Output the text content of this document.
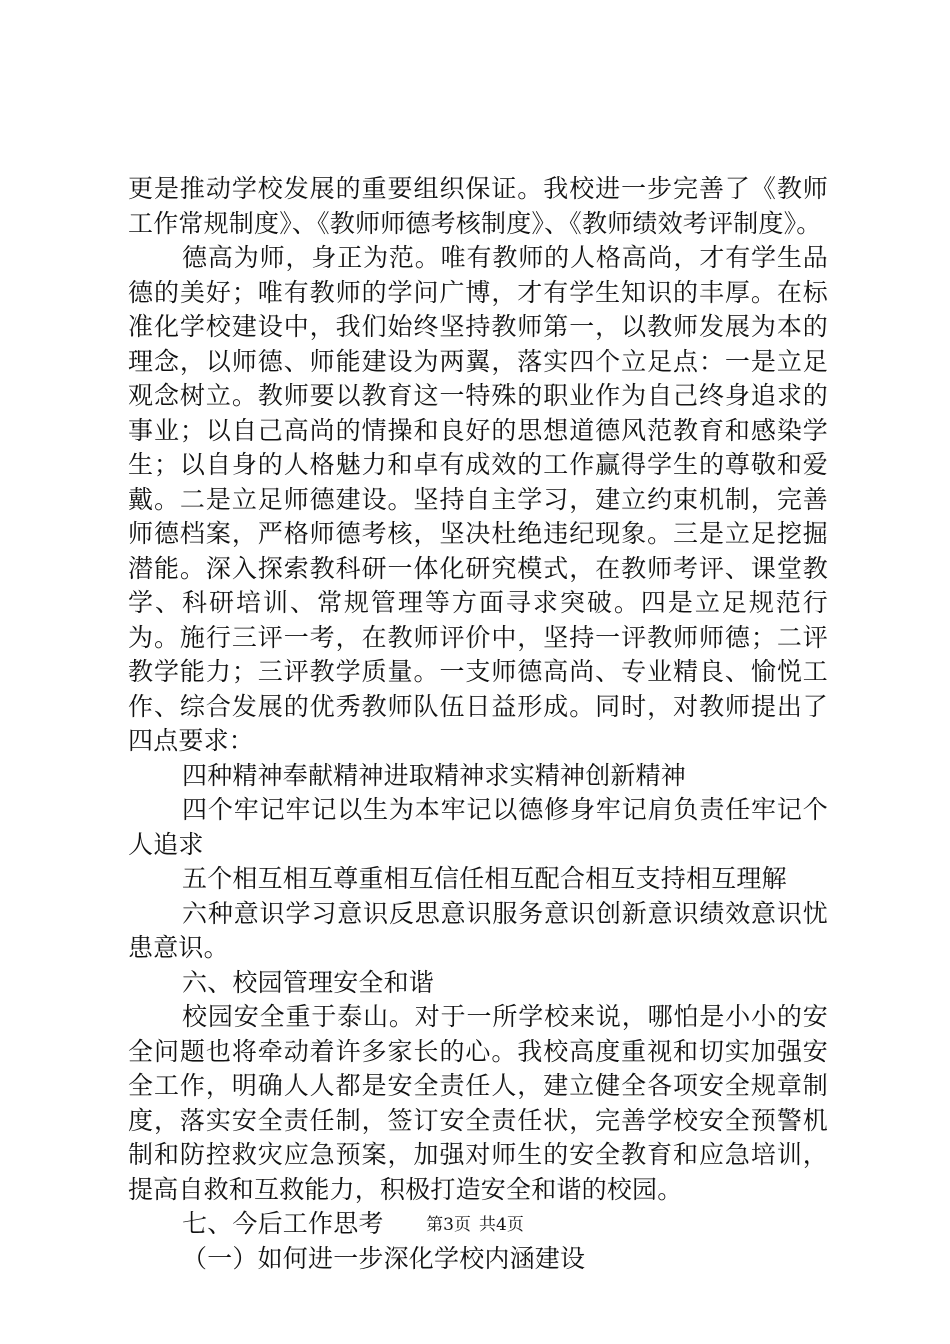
更是推动学校发展的重要组织保证。我校进一步完善了《教师工作常规制度》、《教师师德考核制度》、《教师绩效考评制度》。

德高为师，身正为范。唯有教师的人格高尚，才有学生品德的美好；唯有教师的学问广博，才有学生知识的丰厚。在标准化学校建设中，我们始终坚持教师第一，以教师发展为本的理念，以师德、师能建设为两翼，落实四个立足点：一是立足观念树立。教师要以教育这一特殊的职业作为自己终身追求的事业；以自己高尚的情操和良好的思想道德风范教育和感染学生；以自身的人格魅力和卓有成效的工作赢得学生的尊敬和爱戴。二是立足师德建设。坚持自主学习，建立约束机制，完善师德档案，严格师德考核，坚决杜绝违纪现象。三是立足挖掘潜能。深入探索教科研一体化研究模式，在教师考评、课堂教学、科研培训、常规管理等方面寻求突破。四是立足规范行为。施行三评一考，在教师评价中，坚持一评教师师德；二评教学能力；三评教学质量。一支师德高尚、专业精良、愉悦工作、综合发展的优秀教师队伍日益形成。同时，对教师提出了四点要求：

四种精神奉献精神进取精神求实精神创新精神

四个牢记牢记以生为本牢记以德修身牢记肩负责任牢记个人追求

五个相互相互尊重相互信任相互配合相互支持相互理解

六种意识学习意识反思意识服务意识创新意识绩效意识忧患意识。

六、校园管理安全和谐

校园安全重于泰山。对于一所学校来说，哪怕是小小的安全问题也将牵动着许多家长的心。我校高度重视和切实加强安全工作，明确人人都是安全责任人，建立健全各项安全规章制度，落实安全责任制，签订安全责任状，完善学校安全预警机制和防控救灾应急预案，加强对师生的安全教育和应急培训，提高自救和互救能力，积极打造安全和谐的校园。

七、今后工作思考

（一）如何进一步深化学校内涵建设

第3页 共4页
